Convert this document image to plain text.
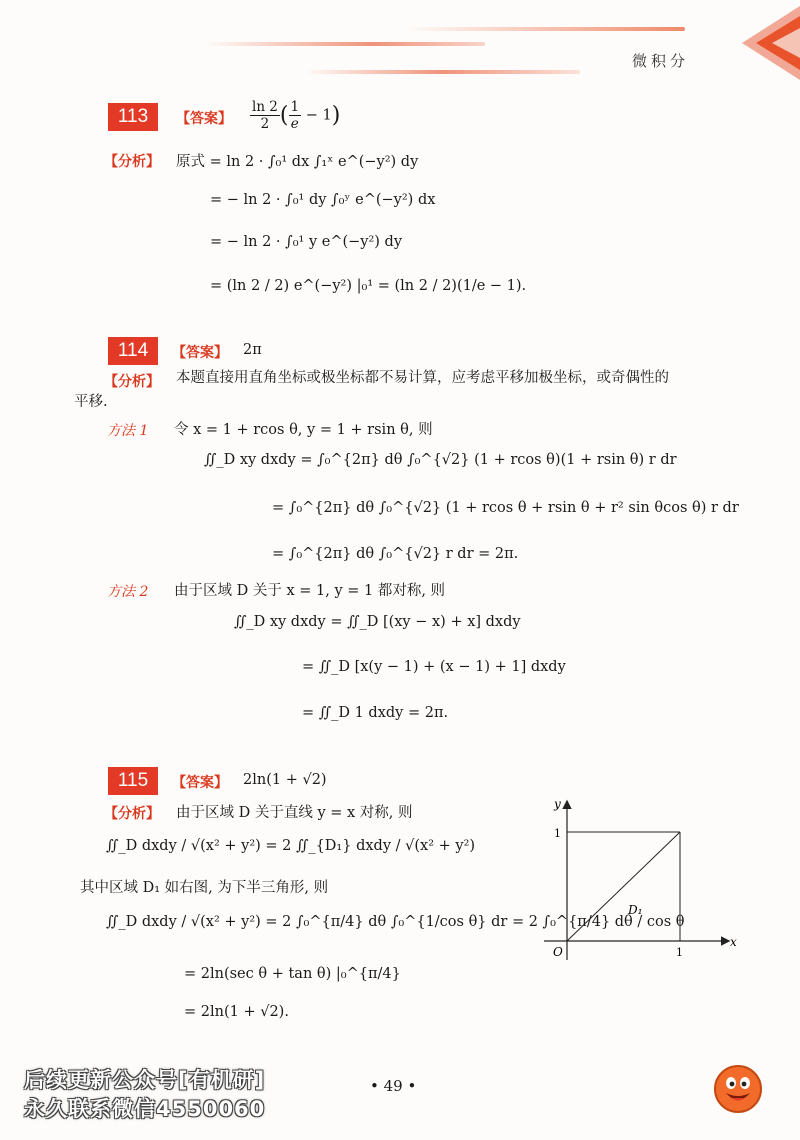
微积分
113	【答案】 $\frac{\ln 2}{2}$ ( $\frac{1}{e} - 1$)
【分析】 原式 = ln 2 · ∫₀¹ dx ∫₁ˣ e^(−y²) dy
= − ln 2 · ∫₀¹ dy ∫₀ʸ e^(−y²) dx
= − ln 2 · ∫₀¹ y e^(−y²) dy
= (ln 2 / 2) e^(−y²) |₀¹ = (ln 2 / 2)(1/e − 1).
114	【答案】 2π
【分析】 本题直接用直角坐标或极坐标都不易计算，应考虑平移加极坐标，或奇偶性的
平移.
方法 1 令 x = 1 + rcos θ, y = 1 + rsin θ, 则
∬_D xy dxdy = ∫₀^{2π} dθ ∫₀^{√2} (1 + rcos θ)(1 + rsin θ) r dr
= ∫₀^{2π} dθ ∫₀^{√2} (1 + rcos θ + rsin θ + r² sin θcos θ) r dr
= ∫₀^{2π} dθ ∫₀^{√2} r dr = 2π.
方法 2 由于区域 D 关于 x = 1, y = 1 都对称, 则
∬_D xy dxdy = ∬_D [(xy − x) + x] dxdy
= ∬_D [x(y − 1) + (x − 1) + 1] dxdy
= ∬_D 1 dxdy = 2π.
115	【答案】 2ln(1 + √2)
【分析】 由于区域 D 关于直线 y = x 对称, 则
∬_D dxdy / √(x² + y²) = 2 ∬_{D₁} dxdy / √(x² + y²)
其中区域 D₁ 如右图, 为下半三角形, 则
∬_D dxdy / √(x² + y²) = 2 ∫₀^{π/4} dθ ∫₀^{1/cos θ} dr = 2 ∫₀^{π/4} dθ / cos θ
= 2ln(sec θ + tan θ) |₀^{π/4}
= 2ln(1 + √2).
x
y
O	1
1
D₁
• 49 •
后续更新公众号[有机研]
永久联系微信4550060
